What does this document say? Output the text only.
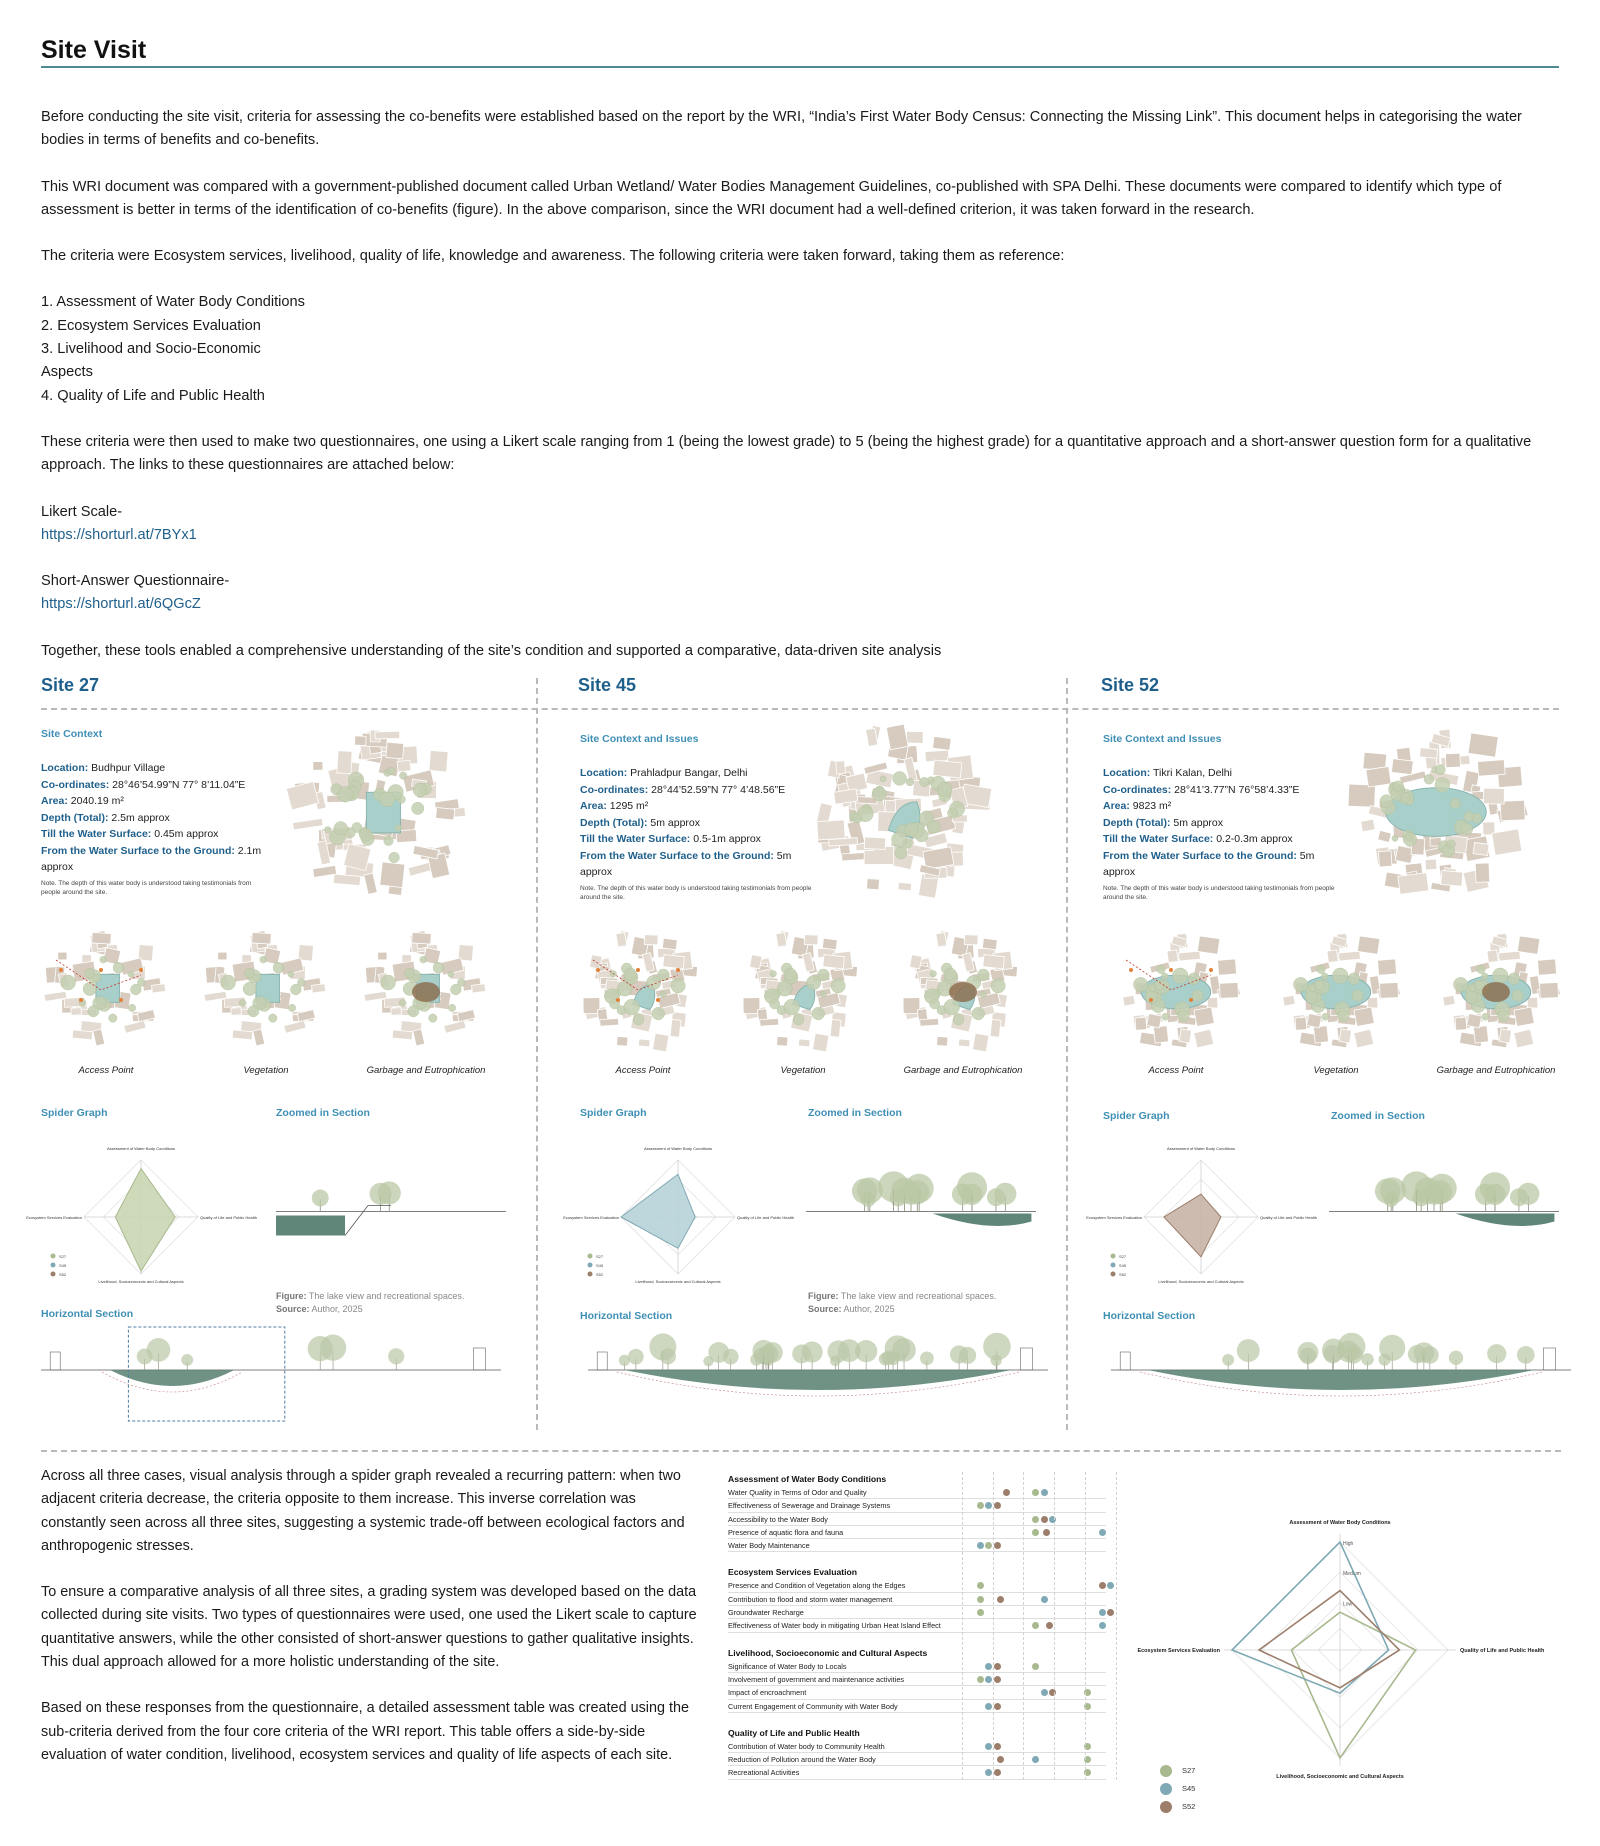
Site Visit

Before conducting the site visit, criteria for assessing the co-benefits were established based on the report by the WRI, “India’s First Water Body Census: Connecting the Missing Link”. This document helps in categorising the water bodies in terms of benefits and co-benefits.

This WRI document was compared with a government-published document called Urban Wetland/ Water Bodies Management Guidelines, co-published with SPA Delhi. These documents were compared to identify which type of assessment is better in terms of the identification of co-benefits (figure). In the above comparison, since the WRI document had a well-defined criterion, it was taken forward in the research.

The criteria were Ecosystem services, livelihood, quality of life, knowledge and awareness. The following criteria were taken forward, taking them as reference:

1. Assessment of Water Body Conditions

2. Ecosystem Services Evaluation

3. Livelihood and Socio-Economic

Aspects

4. Quality of Life and Public Health

These criteria were then used to make two questionnaires, one using a Likert scale ranging from 1 (being the lowest grade) to 5 (being the highest grade) for a quantitative approach and a short-answer question form for a qualitative approach. The links to these questionnaires are attached below:

Likert Scale-

https://shorturl.at/7BYx1

Short-Answer Questionnaire-

https://shorturl.at/6QGcZ

Together, these tools enabled a comprehensive understanding of the site’s condition and supported a comparative, data-driven site analysis

Site 27
Site Context
Location: Budhpur Village
Co-ordinates: 28°46’54.99”N 77° 8’11.04”E
Area: 2040.19 m²
Depth (Total): 2.5m approx
Till the Water Surface: 0.45m approx
From the Water Surface to the Ground: 2.1m approx
Note. The depth of this water body is understood taking testimonials from people around the site.
Access Point	Vegetation	Garbage and Eutrophication
Spider Graph	Zoomed in Section
Assessment of Water Body Conditions
Quality of Life and Public Health
Livelihood, Socioeconomic and Cultural Aspects
Ecosystem Services Evaluation
S27
S45
S52
Figure: The lake view and recreational spaces.
Source: Author, 2025
Horizontal Section
Site 45
Site Context and Issues
Location: Prahladpur Bangar, Delhi
Co-ordinates: 28°44’52.59”N 77° 4’48.56”E
Area: 1295 m²
Depth (Total): 5m approx
Till the Water Surface: 0.5-1m approx
From the Water Surface to the Ground: 5m approx
Note. The depth of this water body is understood taking testimonials from people around the site.
Access Point	Vegetation	Garbage and Eutrophication
Spider Graph	Zoomed in Section
Assessment of Water Body Conditions
Quality of Life and Public Health
Livelihood, Socioeconomic and Cultural Aspects
Ecosystem Services Evaluation
S27
S45
S52
Figure: The lake view and recreational spaces.
Source: Author, 2025
Horizontal Section
Site 52
Site Context and Issues
Location: Tikri Kalan, Delhi
Co-ordinates: 28°41’3.77”N 76°58’4.33”E
Area: 9823 m²
Depth (Total): 5m approx
Till the Water Surface: 0.2-0.3m approx
From the Water Surface to the Ground: 5m approx
Note. The depth of this water body is understood taking testimonials from people around the site.
Access Point	Vegetation	Garbage and Eutrophication
Spider Graph	Zoomed in Section
Assessment of Water Body Conditions
Quality of Life and Public Health
Livelihood, Socioeconomic and Cultural Aspects
Ecosystem Services Evaluation
S27
S45
S52
Horizontal Section

Across all three cases, visual analysis through a spider graph revealed a recurring pattern: when two adjacent criteria decrease, the criteria opposite to them increase. This inverse correlation was constantly seen across all three sites, suggesting a systemic trade-off between ecological factors and anthropogenic stresses.

To ensure a comparative analysis of all three sites, a grading system was developed based on the data collected during site visits. Two types of questionnaires were used, one used the Likert scale to capture quantitative answers, while the other consisted of short-answer questions to gather qualitative insights. This dual approach allowed for a more holistic understanding of the site.

Based on these responses from the questionnaire, a detailed assessment table was created using the sub-criteria derived from the four core criteria of the WRI report. This table offers a side-by-side evaluation of water condition, livelihood, ecosystem services and quality of life aspects of each site.

Assessment of Water Body Conditions
Water Quality in Terms of Odor and Quality
Effectiveness of Sewerage and Drainage Systems
Accessibility to the Water Body
Presence of aquatic flora and fauna
Water Body Maintenance
Ecosystem Services Evaluation
Presence and Condition of Vegetation along the Edges
Contribution to flood and storm water management
Groundwater Recharge
Effectiveness of Water body in mitigating Urban Heat Island Effect
Livelihood, Socioeconomic and Cultural Aspects
Significance of Water Body to Locals
Involvement of government and maintenance activities
Impact of encroachment
Current Engagement of Community with Water Body
Quality of Life and Public Health
Contribution of Water body to Community Health
Reduction of Pollution around the Water Body
Recreational Activities
High
Medium
Low
Assessment of Water Body Conditions
Quality of Life and Public Health
Livelihood, Socioeconomic and Cultural Aspects
Ecosystem Services Evaluation
S27
S45
S52
